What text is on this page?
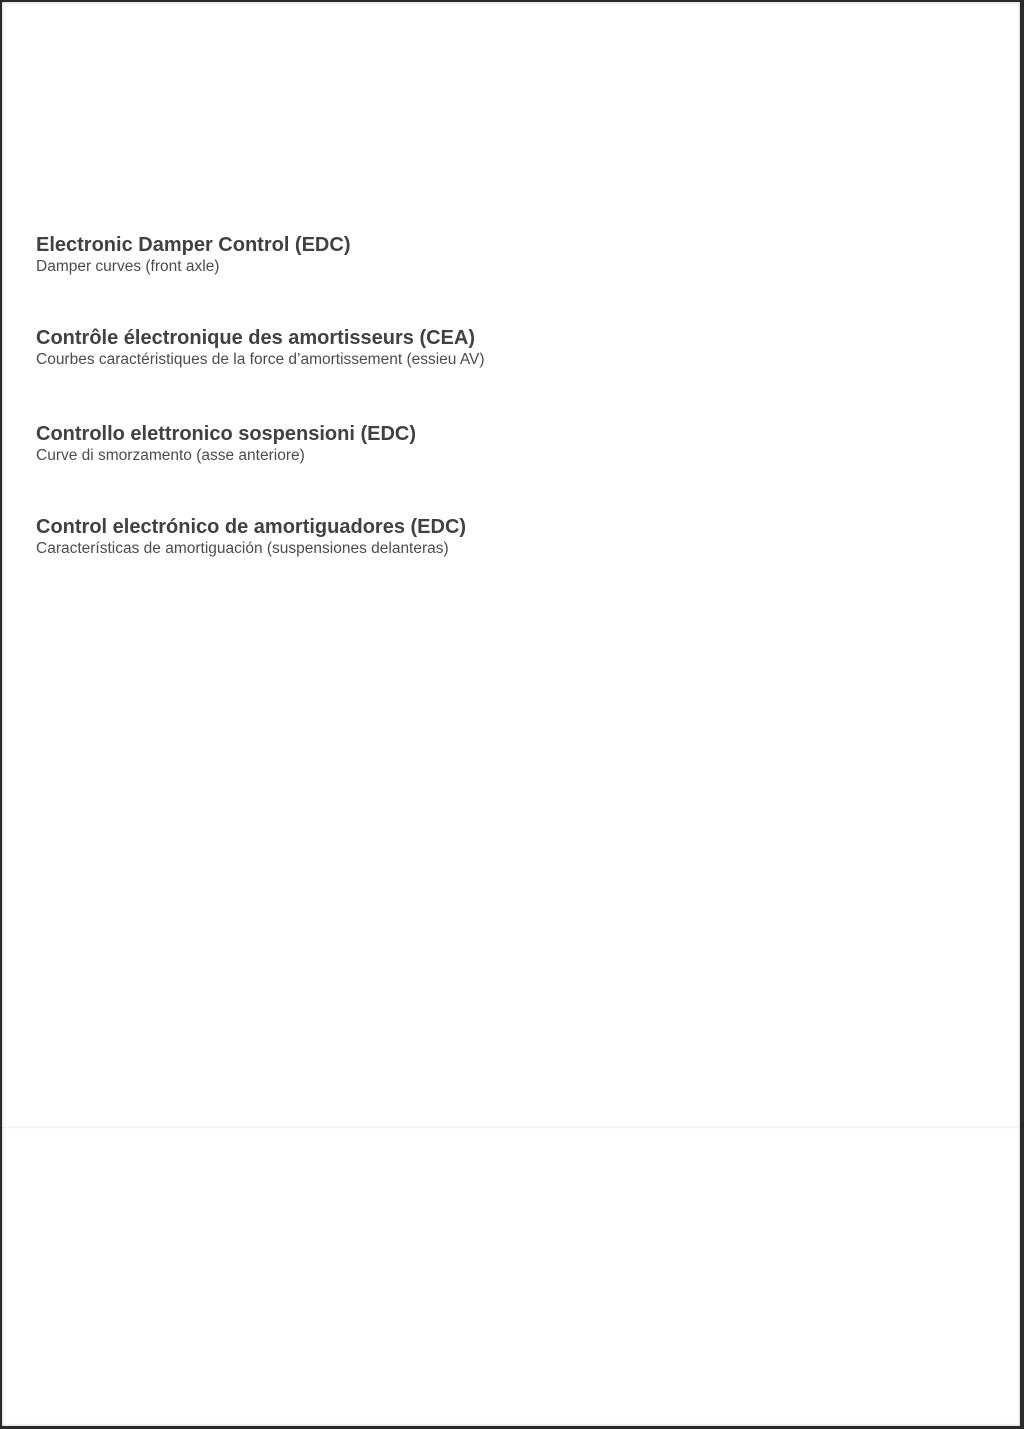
Electronic Damper Control (EDC)
Damper curves (front axle)
Contrôle électronique des amortisseurs (CEA)
Courbes caractéristiques de la force d’amortissement (essieu AV)
Controllo elettronico sospensioni (EDC)
Curve di smorzamento (asse anteriore)
Control electrónico de amortiguadores (EDC)
Características de amortiguación (suspensiones delanteras)
